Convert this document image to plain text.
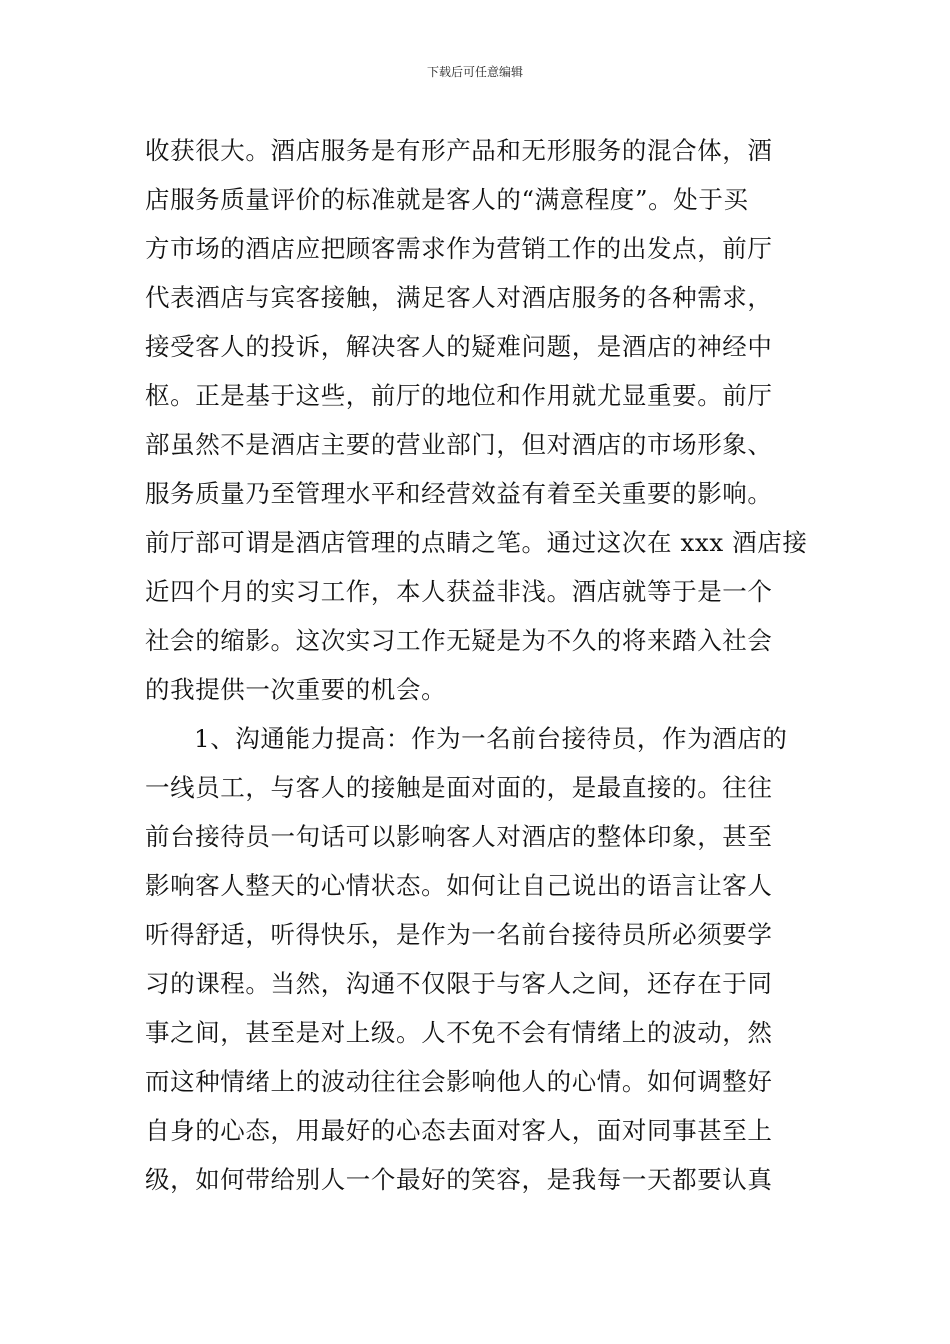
下载后可任意编辑
收获很大。酒店服务是有形产品和无形服务的混合体，酒
店服务质量评价的标准就是客人的“满意程度”。处于买
方市场的酒店应把顾客需求作为营销工作的出发点，前厅
代表酒店与宾客接触，满足客人对酒店服务的各种需求，
接受客人的投诉，解决客人的疑难问题，是酒店的神经中
枢。正是基于这些，前厅的地位和作用就尤显重要。前厅
部虽然不是酒店主要的营业部门，但对酒店的市场形象、
服务质量乃至管理水平和经营效益有着至关重要的影响。
前厅部可谓是酒店管理的点睛之笔。通过这次在 xxx 酒店接
近四个月的实习工作，本人获益非浅。酒店就等于是一个
社会的缩影。这次实习工作无疑是为不久的将来踏入社会
的我提供一次重要的机会。
1、沟通能力提高：作为一名前台接待员，作为酒店的
一线员工，与客人的接触是面对面的，是最直接的。往往
前台接待员一句话可以影响客人对酒店的整体印象，甚至
影响客人整天的心情状态。如何让自己说出的语言让客人
听得舒适，听得快乐，是作为一名前台接待员所必须要学
习的课程。当然，沟通不仅限于与客人之间，还存在于同
事之间，甚至是对上级。人不免不会有情绪上的波动，然
而这种情绪上的波动往往会影响他人的心情。如何调整好
自身的心态，用最好的心态去面对客人，面对同事甚至上
级，如何带给别人一个最好的笑容，是我每一天都要认真
